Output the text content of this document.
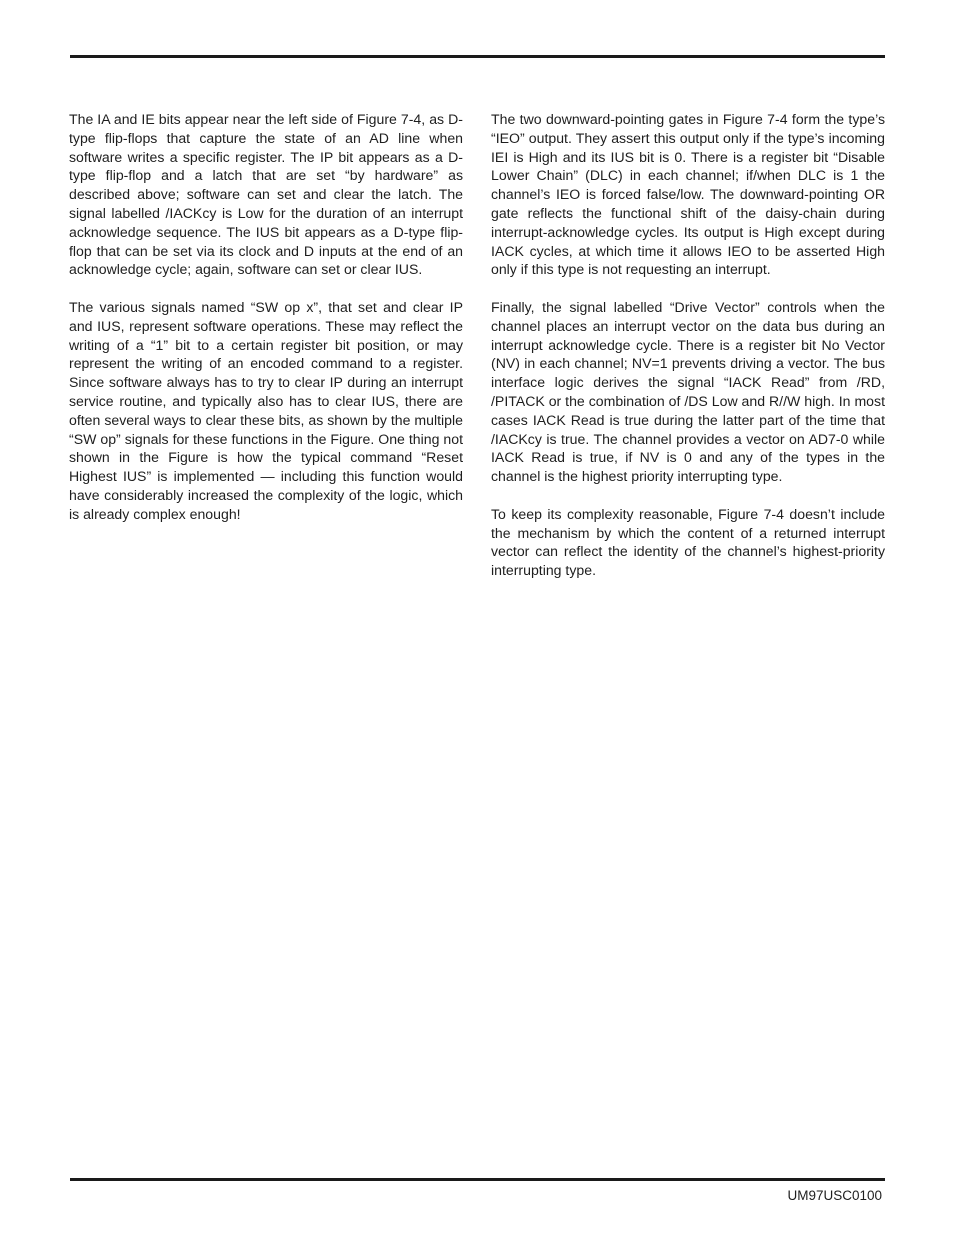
The IA and IE bits appear near the left side of Figure 7-4, as D-type flip-flops that capture the state of an AD line when software writes a specific register. The IP bit appears as a D-type flip-flop and a latch that are set “by hardware” as described above; software can set and clear the latch. The signal labelled /IACKcy is Low for the duration of an interrupt acknowledge sequence. The IUS bit appears as a D-type flip-flop that can be set via its clock and D inputs at the end of an acknowledge cycle; again, software can set or clear IUS.

The various signals named “SW op x”, that set and clear IP and IUS, represent software operations. These may reflect the writing of a “1” bit to a certain register bit position, or may represent the writing of an encoded command to a register. Since software always has to try to clear IP during an interrupt service routine, and typically also has to clear IUS, there are often several ways to clear these bits, as shown by the multiple “SW op” signals for these functions in the Figure. One thing not shown in the Figure is how the typical command “Reset Highest IUS” is implemented — including this function would have considerably increased the complexity of the logic, which is already complex enough!

The two downward-pointing gates in Figure 7-4 form the type’s “IEO” output. They assert this output only if the type’s incoming IEI is High and its IUS bit is 0. There is a register bit “Disable Lower Chain” (DLC) in each channel; if/when DLC is 1 the channel’s IEO is forced false/low. The downward-pointing OR gate reflects the functional shift of the daisy-chain during interrupt-acknowledge cycles. Its output is High except during IACK cycles, at which time it allows IEO to be asserted High only if this type is not requesting an interrupt.

Finally, the signal labelled “Drive Vector” controls when the channel places an interrupt vector on the data bus during an interrupt acknowledge cycle. There is a register bit No Vector (NV) in each channel; NV=1 prevents driving a vector. The bus interface logic derives the signal “IACK Read” from /RD, /PITACK or the combination of /DS Low and R//W high. In most cases IACK Read is true during the latter part of the time that /IACKcy is true. The channel provides a vector on AD7-0 while IACK Read is true, if NV is 0 and any of the types in the channel is the highest priority interrupting type.

To keep its complexity reasonable, Figure 7-4 doesn’t include the mechanism by which the content of a returned interrupt vector can reflect the identity of the channel’s highest-priority interrupting type.

UM97USC0100
